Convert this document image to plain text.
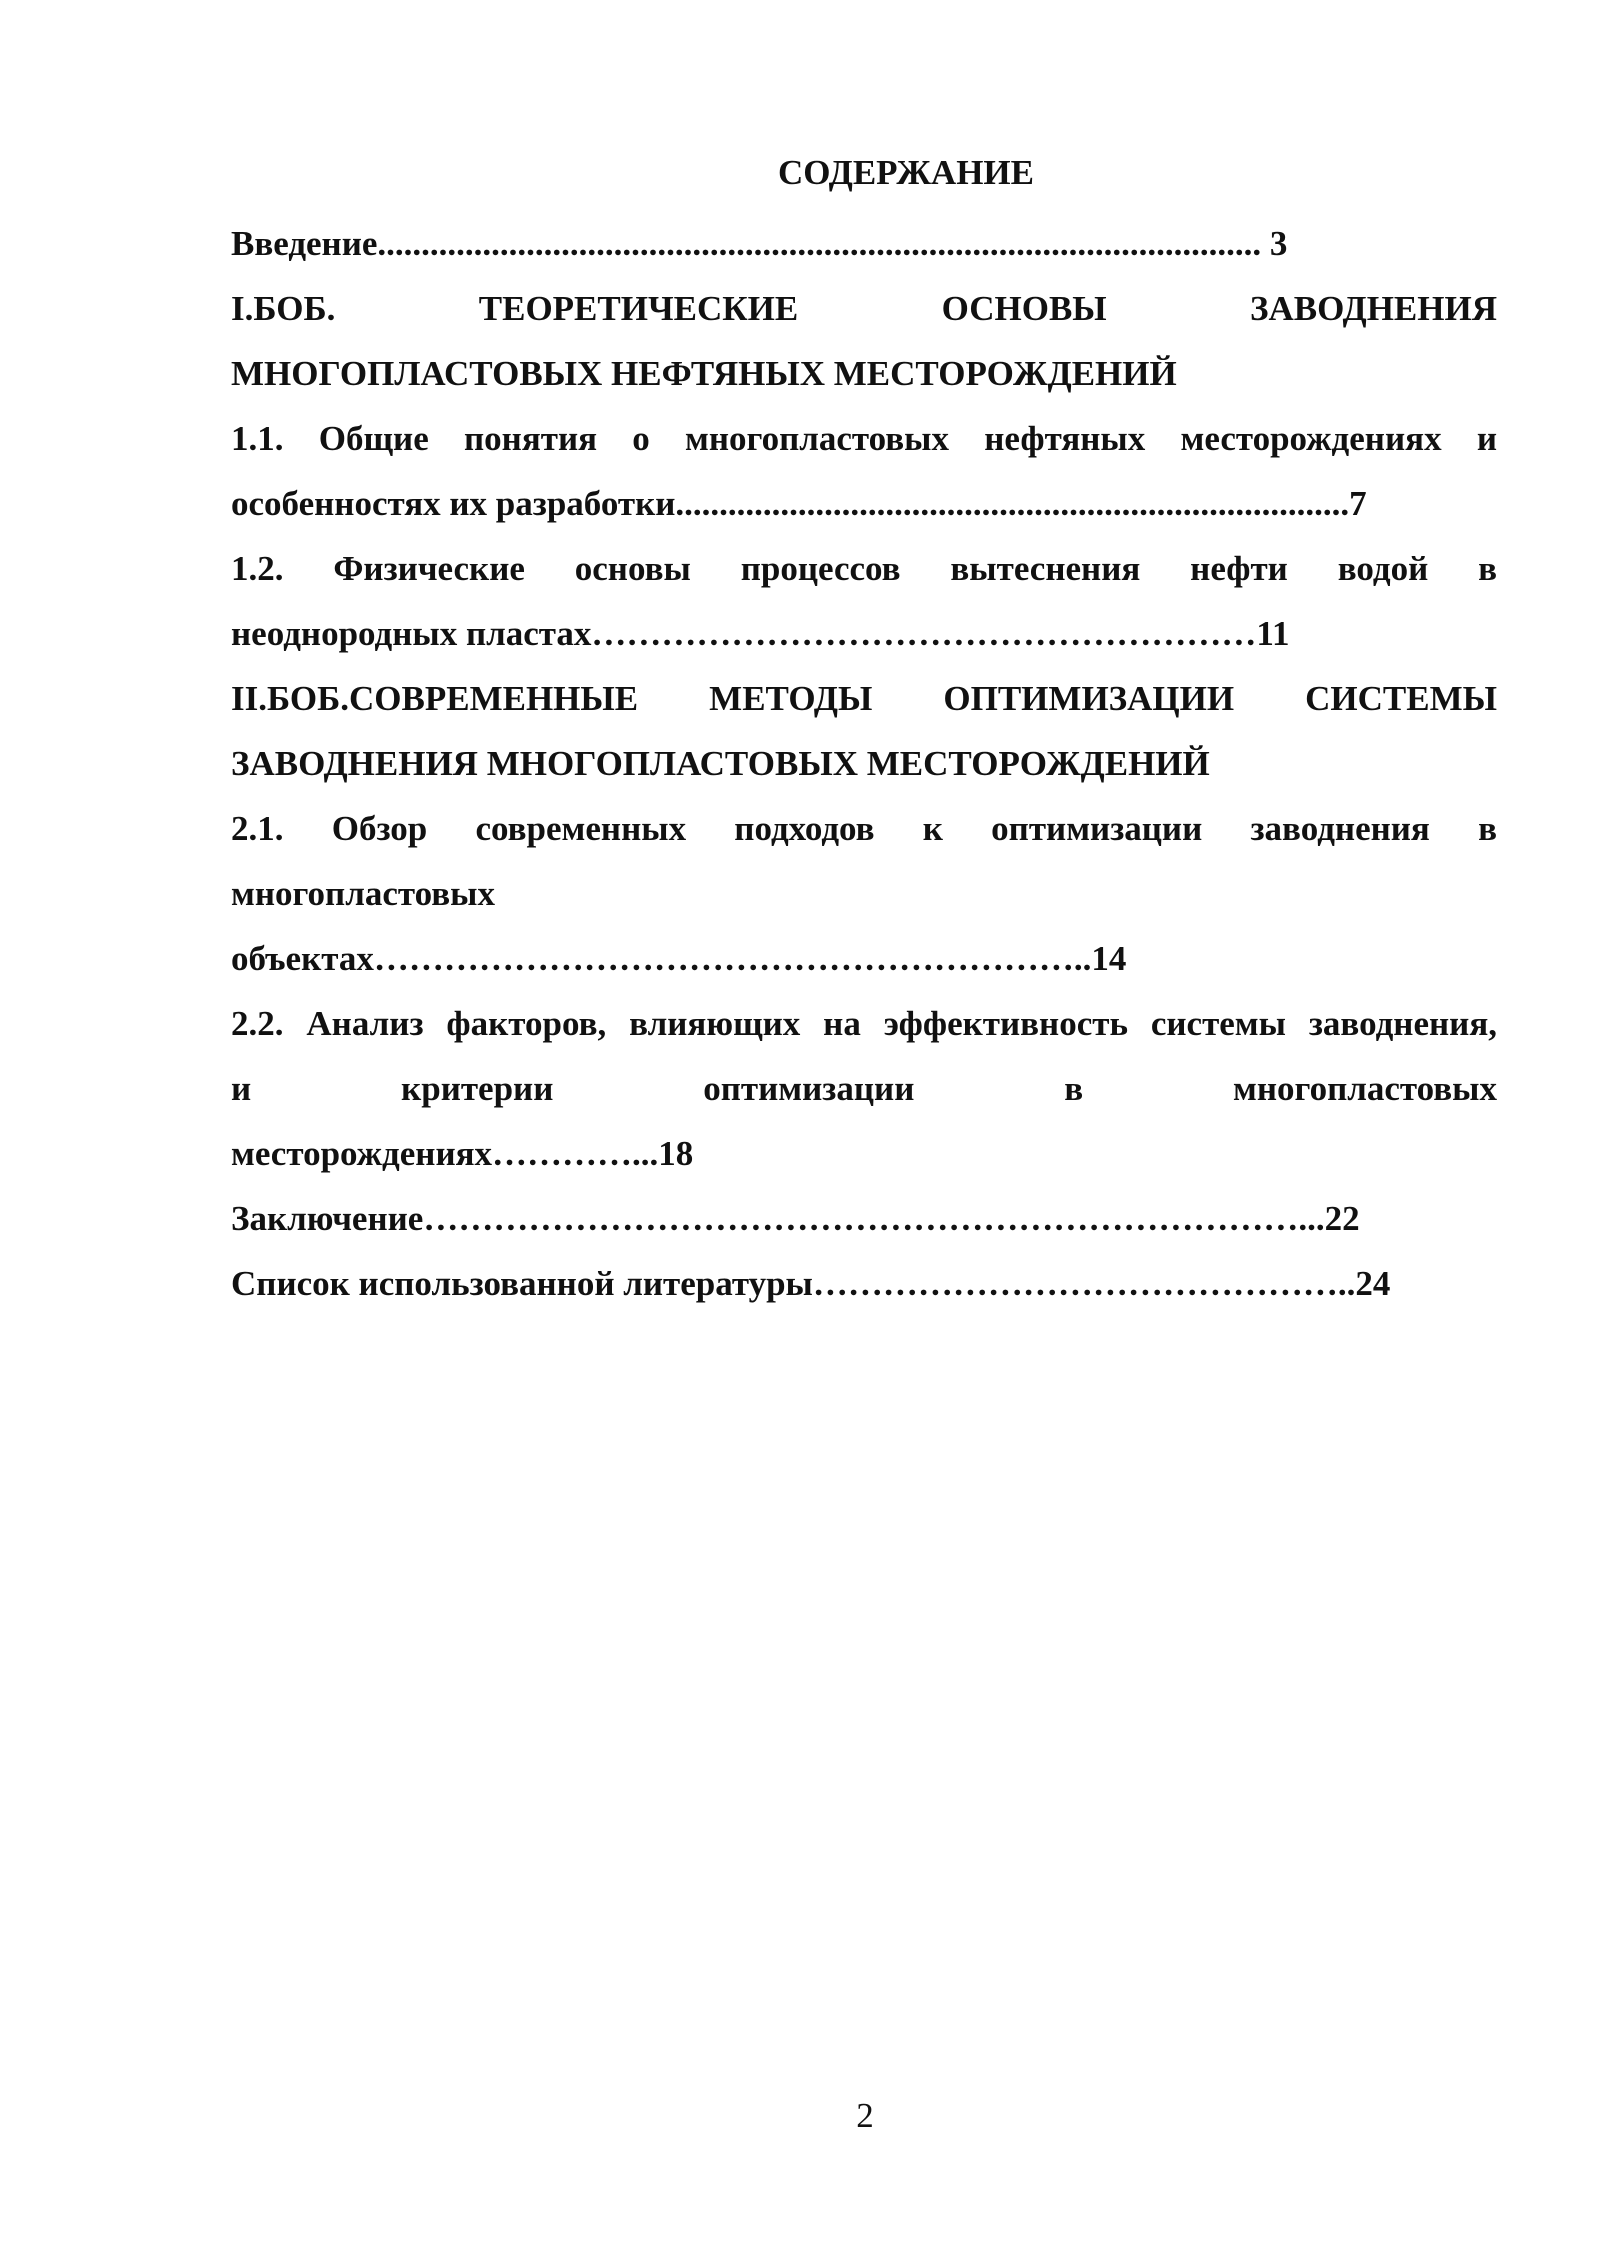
СОДЕРЖАНИЕ
Введение..................................................................................................... 3
I.БОБ. ТЕОРЕТИЧЕСКИЕ ОСНОВЫ ЗАВОДНЕНИЯ
МНОГОПЛАСТОВЫХ НЕФТЯНЫХ МЕСТОРОЖДЕНИЙ
1.1. Общие понятия о многопластовых нефтяных месторождениях и
особенностях их разработки.............................................................................7
1.2. Физические основы процессов вытеснения нефти водой в
неоднородных пластах…………………………………………………11
II.БОБ.СОВРЕМЕННЫЕ МЕТОДЫ ОПТИМИЗАЦИИ СИСТЕМЫ
ЗАВОДНЕНИЯ МНОГОПЛАСТОВЫХ МЕСТОРОЖДЕНИЙ
2.1. Обзор современных подходов к оптимизации заводнения в
многопластовых
объектах……………………………………………………..14
2.2. Анализ факторов, влияющих на эффективность системы заводнения,
и критерии оптимизации в многопластовых
месторождениях…………...18
Заключение…………………………………………………………………...22
Список использованной литературы………………………………………..24
2
